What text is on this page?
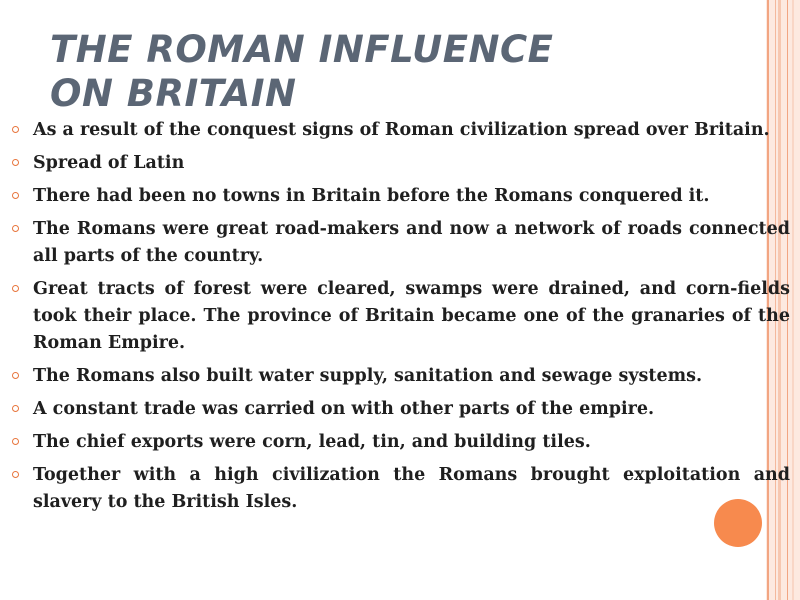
THE ROMAN INFLUENCE
ON BRITAIN
As a result of the conquest signs of Roman civilization spread over Britain.
Spread of Latin
There had been no towns in Britain before the Romans conquered it.
The Romans were great road-makers and now a network of roads connected all parts of the country.
Great tracts of forest were cleared, swamps were drained, and corn-fields took their place. The province of Britain became one of the granaries of the Roman Empire.
The Romans also built water supply, sanitation and sewage systems.
A constant trade was carried on with other parts of the empire.
The chief exports were corn, lead, tin, and building tiles.
Together with a high civilization the Romans brought exploitation and slavery to the British Isles.
